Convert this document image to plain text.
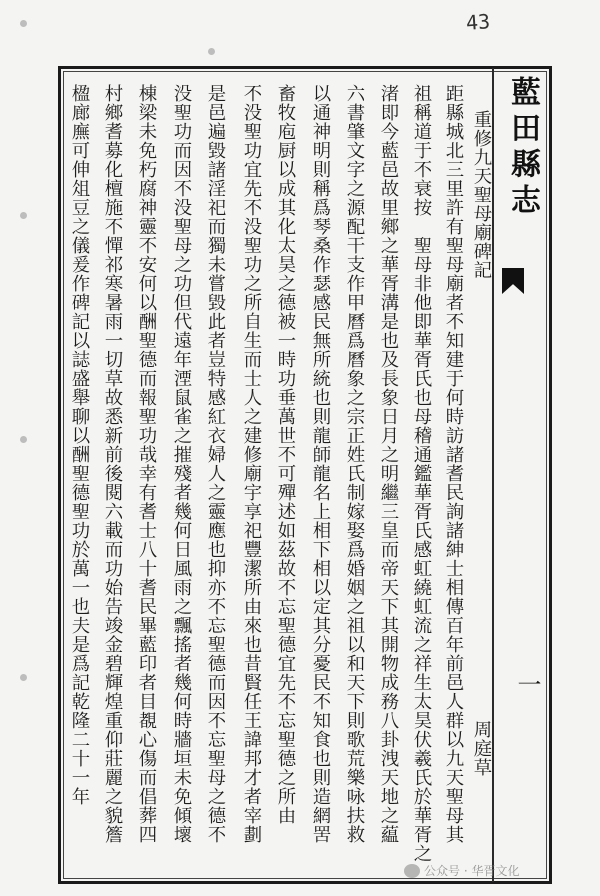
43
藍田縣志
一
重修九天聖母廟碑記
周庭草
距縣城北三里許有聖母廟者不知建于何時訪諸耆民詢諸紳士相傳百年前邑人群以九天聖母其
祖稱道于不衰按　聖母非他即華胥氏也母稽通鑑華胥氏感虹繞虹流之祥生太昊伏羲氏於華胥之
渚即今藍邑故里鄉之華胥溝是也及長象日月之明繼三皇而帝天下其開物成務八卦洩天地之藴
六書肇文字之源配干支作甲曆爲曆象之宗正姓氏制嫁娶爲婚姻之祖以和天下則歌荒樂咏扶救
以通神明則稱爲琴桑作瑟感民無所統也則龍師龍名上相下相以定其分憂民不知食也則造網罟
畜牧庖厨以成其化太昊之德被一時功垂萬世不可殫述如茲故不忘聖德宜先不忘聖德之所由
不没聖功宜先不没聖功之所自生而士人之建修廟宇享祀豐潔所由來也昔賢任王諱邦才者宰劃
是邑遍毀諸淫祀而獨未嘗毀此者豈特感紅衣婦人之靈應也抑亦不忘聖德而因不忘聖母之德不
没聖功而因不没聖母之功但代遠年湮鼠雀之摧殘者幾何日風雨之飄搖者幾何時牆垣未免傾壞
棟梁未免朽腐神靈不安何以酬聖德而報聖功哉幸有耆士八十耆民畢藍印者目覩心傷而倡葬四
村鄉耆募化檀施不憚祁寒暑雨一切草故悉新前後閱六載而功始告竣金碧輝煌重仰莊麗之貌簷
楹廊廡可伸俎豆之儀爰作碑記以誌盛舉聊以酬聖德聖功於萬一也夫是爲記乾隆二十一年
公众号 · 华胥文化
